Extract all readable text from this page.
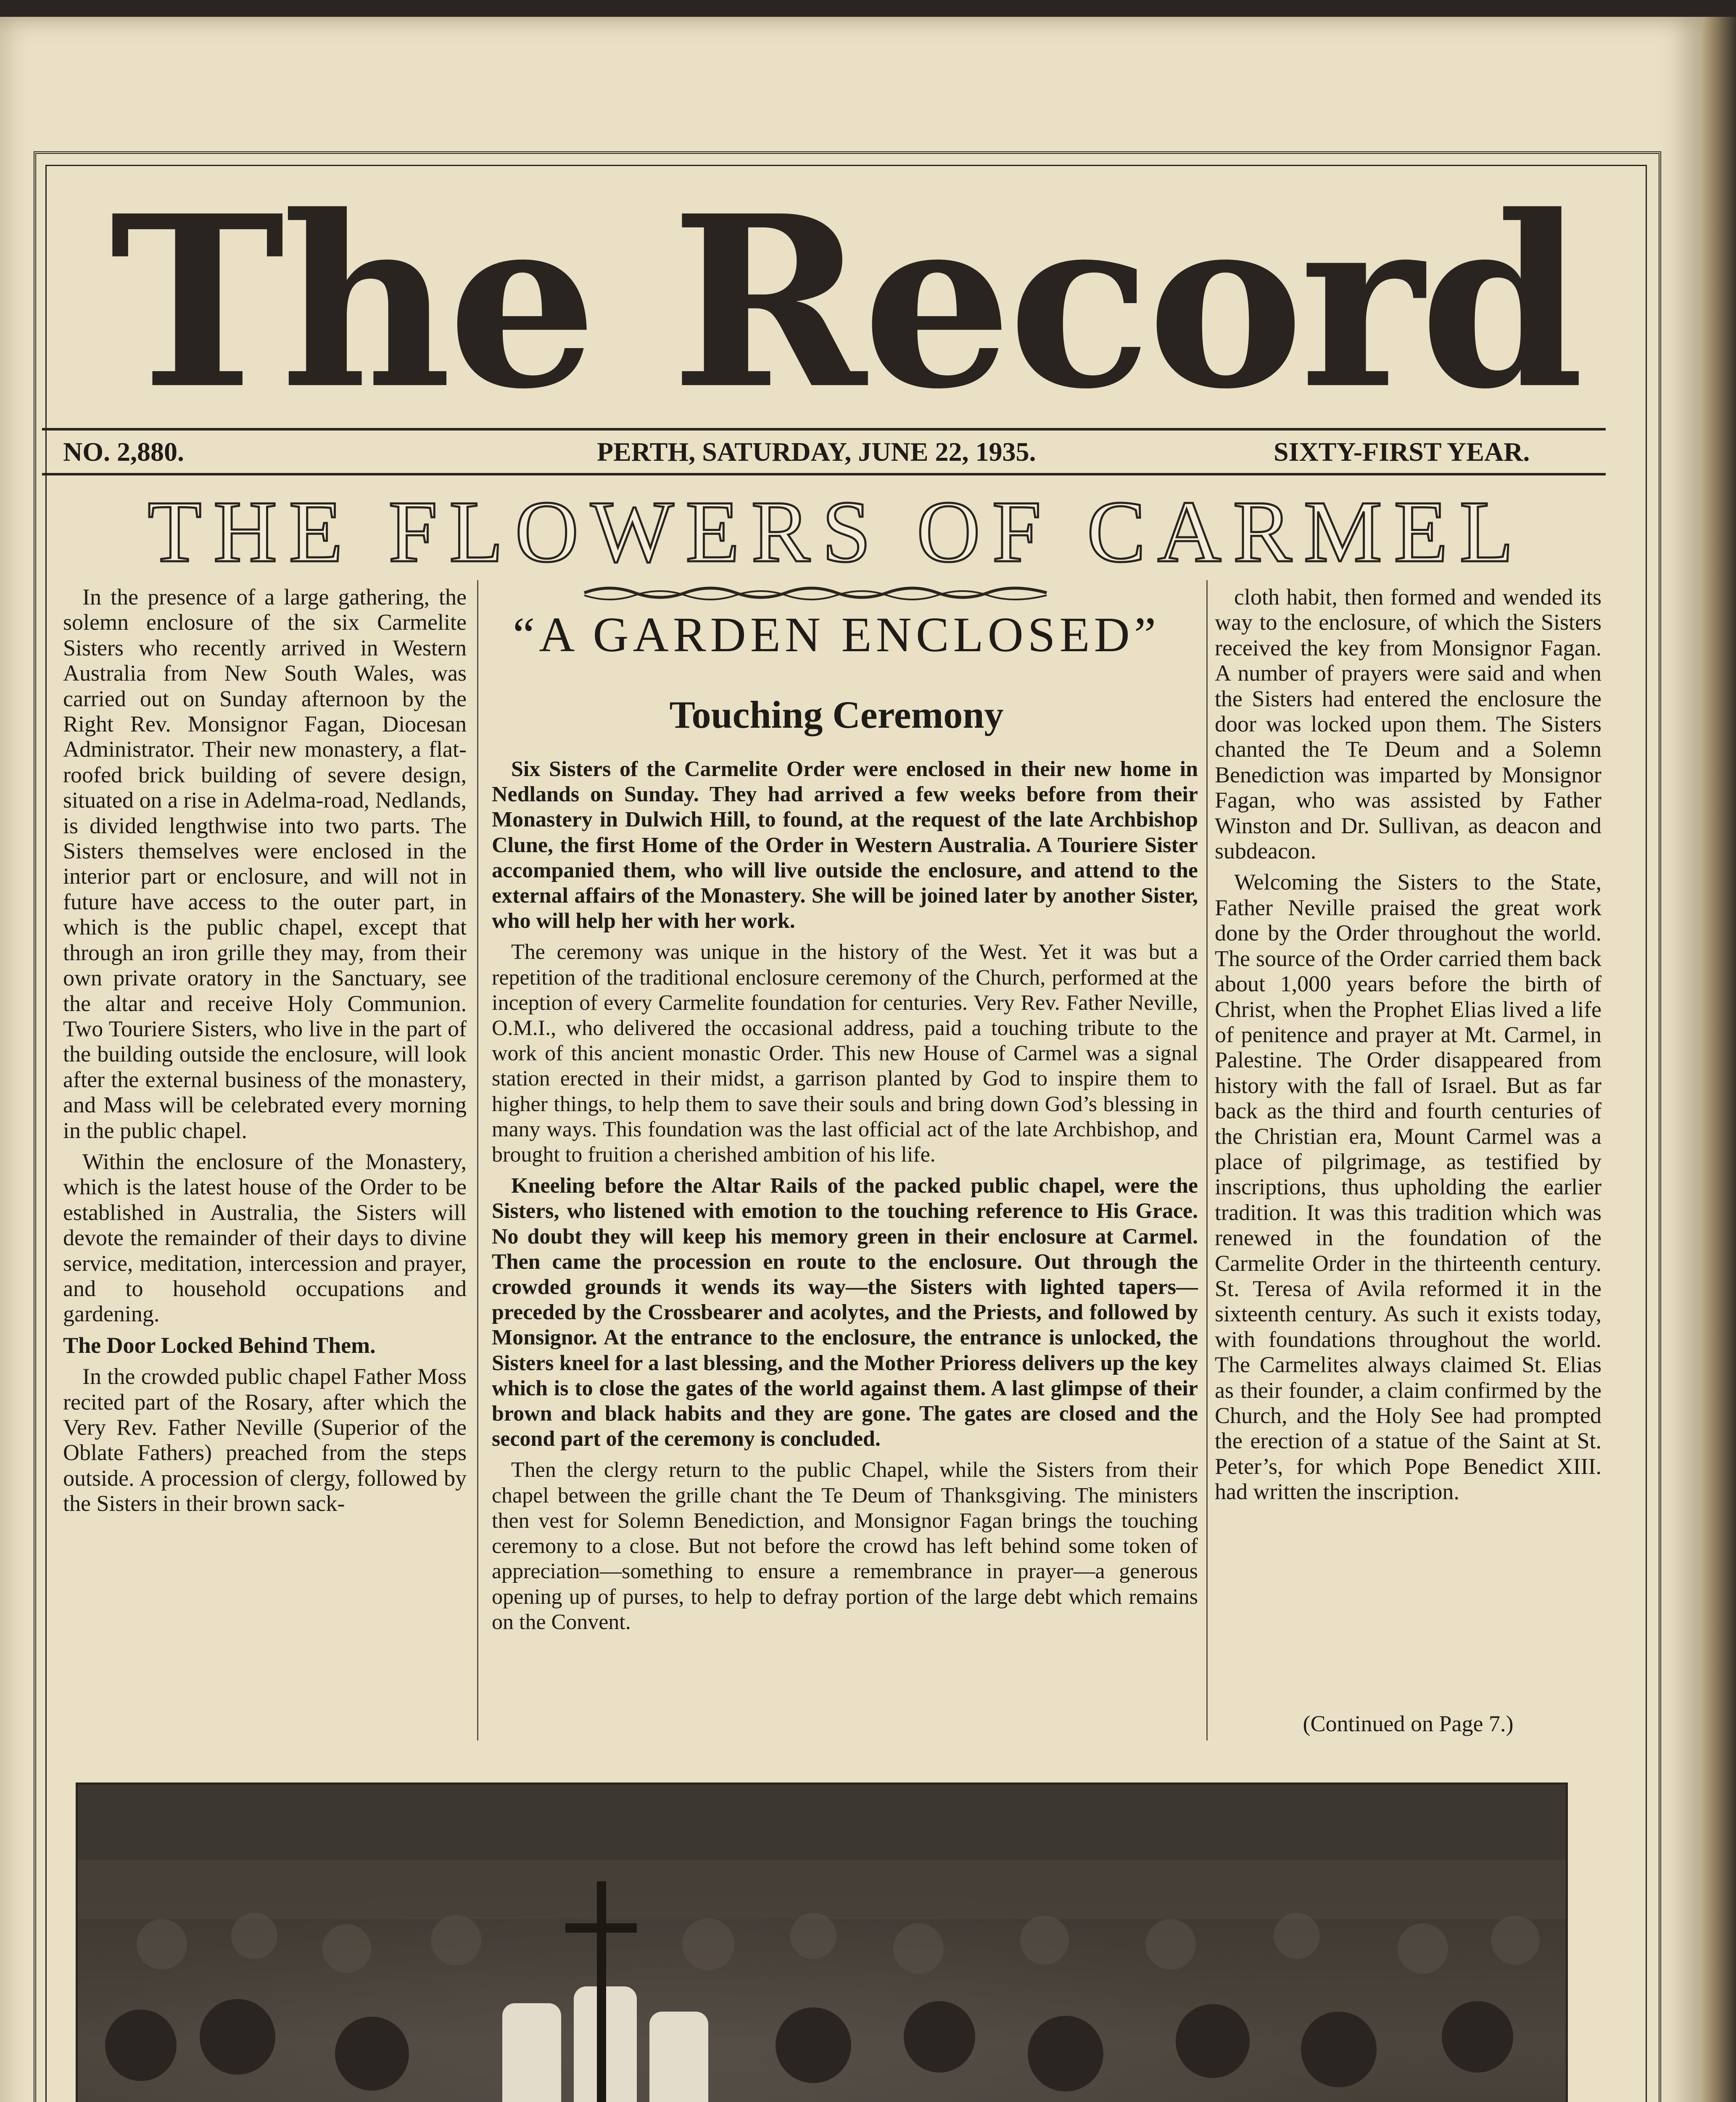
The Record
NO. 2,880.	PERTH, SATURDAY, JUNE 22, 1935.	SIXTY-FIRST YEAR.
THE FLOWERS OF CARMEL
“A GARDEN ENCLOSED”
Touching Ceremony

In the presence of a large gathering, the solemn enclosure of the six Carmelite Sisters who recently arrived in Western Australia from New South Wales, was carried out on Sunday afternoon by the Right Rev. Monsignor Fagan, Diocesan Administrator. Their new monastery, a flat-roofed brick building of severe design, situated on a rise in Adelma-road, Nedlands, is divided lengthwise into two parts. The Sisters themselves were enclosed in the interior part or enclosure, and will not in future have access to the outer part, in which is the public chapel, except that through an iron grille they may, from their own private oratory in the Sanctuary, see the altar and receive Holy Communion. Two Touriere Sisters, who live in the part of the building outside the enclosure, will look after the external business of the monastery, and Mass will be celebrated every morning in the public chapel.

Within the enclosure of the Monastery, which is the latest house of the Order to be established in Australia, the Sisters will devote the remainder of their days to divine service, meditation, intercession and prayer, and to household occupations and gardening.

The Door Locked Behind Them.

In the crowded public chapel Father Moss recited part of the Rosary, after which the Very Rev. Father Neville (Superior of the Oblate Fathers) preached from the steps outside. A procession of clergy, followed by the Sisters in their brown sack-

Six Sisters of the Carmelite Order were enclosed in their new home in Nedlands on Sunday. They had arrived a few weeks before from their Monastery in Dulwich Hill, to found, at the request of the late Archbishop Clune, the first Home of the Order in Western Australia. A Touriere Sister accompanied them, who will live outside the enclosure, and attend to the external affairs of the Monastery. She will be joined later by another Sister, who will help her with her work.

The ceremony was unique in the history of the West. Yet it was but a repetition of the traditional enclosure ceremony of the Church, performed at the inception of every Carmelite foundation for centuries. Very Rev. Father Neville, O.M.I., who delivered the occasional address, paid a touching tribute to the work of this ancient monastic Order. This new House of Carmel was a signal station erected in their midst, a garrison planted by God to inspire them to higher things, to help them to save their souls and bring down God’s blessing in many ways. This foundation was the last official act of the late Archbishop, and brought to fruition a cherished ambition of his life.

Kneeling before the Altar Rails of the packed public chapel, were the Sisters, who listened with emotion to the touching reference to His Grace. No doubt they will keep his memory green in their enclosure at Carmel. Then came the procession en route to the enclosure. Out through the crowded grounds it wends its way—the Sisters with lighted tapers—preceded by the Crossbearer and acolytes, and the Priests, and followed by Monsignor. At the entrance to the enclosure, the entrance is unlocked, the Sisters kneel for a last blessing, and the Mother Prioress delivers up the key which is to close the gates of the world against them. A last glimpse of their brown and black habits and they are gone. The gates are closed and the second part of the ceremony is concluded.

Then the clergy return to the public Chapel, while the Sisters from their chapel between the grille chant the Te Deum of Thanksgiving. The ministers then vest for Solemn Benediction, and Monsignor Fagan brings the touching ceremony to a close. But not before the crowd has left behind some token of appreciation—something to ensure a remembrance in prayer—a generous opening up of purses, to help to defray portion of the large debt which remains on the Convent.

cloth habit, then formed and wended its way to the enclosure, of which the Sisters received the key from Monsignor Fagan. A number of prayers were said and when the Sisters had entered the enclosure the door was locked upon them. The Sisters chanted the Te Deum and a Solemn Benediction was imparted by Monsignor Fagan, who was assisted by Father Winston and Dr. Sullivan, as deacon and subdeacon.

Welcoming the Sisters to the State, Father Neville praised the great work done by the Order throughout the world. The source of the Order carried them back about 1,000 years before the birth of Christ, when the Prophet Elias lived a life of penitence and prayer at Mt. Carmel, in Palestine. The Order disappeared from history with the fall of Israel. But as far back as the third and fourth centuries of the Christian era, Mount Carmel was a place of pilgrimage, as testified by inscriptions, thus upholding the earlier tradition. It was this tradition which was renewed in the foundation of the Carmelite Order in the thirteenth century. St. Teresa of Avila reformed it in the sixteenth century. As such it exists today, with foundations throughout the world. The Carmelites always claimed St. Elias as their founder, a claim confirmed by the Church, and the Holy See had prompted the erection of a statue of the Saint at St. Peter’s, for which Pope Benedict XIII. had written the inscription.

(Continued on Page 7.)
